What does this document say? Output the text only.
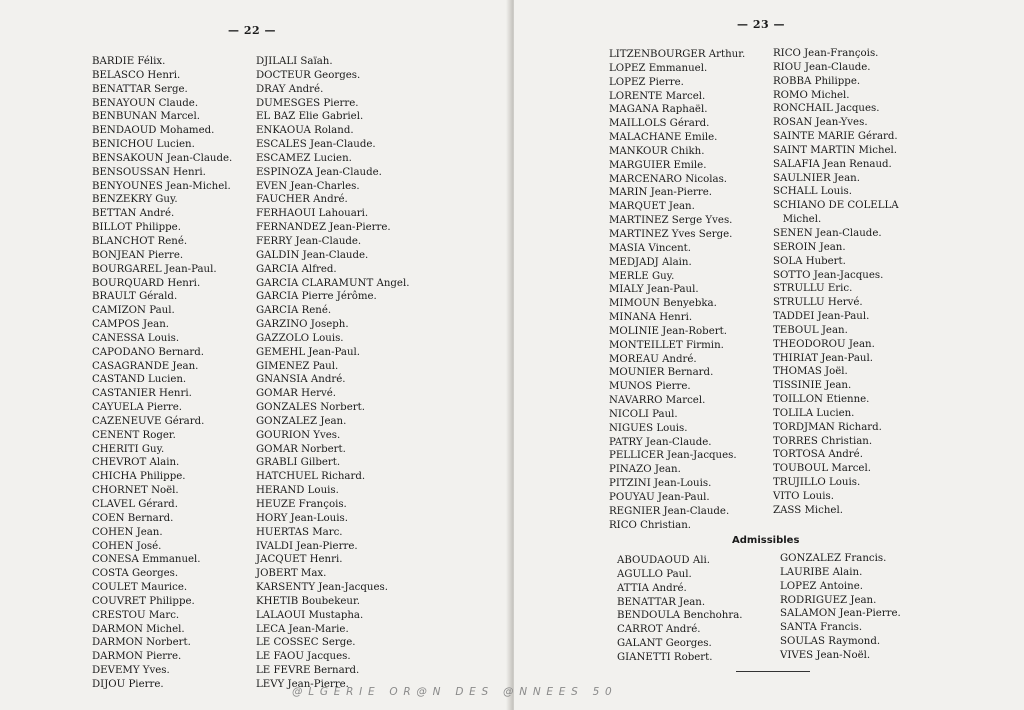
— 22 —
BARDIE Félix.
BELASCO Henri.
BENATTAR Serge.
BENAYOUN Claude.
BENBUNAN Marcel.
BENDAOUD Mohamed.
BENICHOU Lucien.
BENSAKOUN Jean-Claude.
BENSOUSSAN Henri.
BENYOUNES Jean-Michel.
BENZEKRY Guy.
BETTAN André.
BILLOT Philippe.
BLANCHOT René.
BONJEAN Pierre.
BOURGAREL Jean-Paul.
BOURQUARD Henri.
BRAULT Gérald.
CAMIZON Paul.
CAMPOS Jean.
CANESSA Louis.
CAPODANO Bernard.
CASAGRANDE Jean.
CASTAND Lucien.
CASTANIER Henri.
CAYUELA Pierre.
CAZENEUVE Gérard.
CENENT Roger.
CHERITI Guy.
CHEVROT Alain.
CHICHA Philippe.
CHORNET Noël.
CLAVEL Gérard.
COEN Bernard.
COHEN Jean.
COHEN José.
CONESA Emmanuel.
COSTA Georges.
COULET Maurice.
COUVRET Philippe.
CRESTOU Marc.
DARMON Michel.
DARMON Norbert.
DARMON Pierre.
DEVEMY Yves.
DIJOU Pierre.
DJILALI Saïah.
DOCTEUR Georges.
DRAY André.
DUMESGES Pierre.
EL BAZ Elie Gabriel.
ENKAOUA Roland.
ESCALES Jean-Claude.
ESCAMEZ Lucien.
ESPINOZA Jean-Claude.
EVEN Jean-Charles.
FAUCHER André.
FERHAOUI Lahouari.
FERNANDEZ Jean-Pierre.
FERRY Jean-Claude.
GALDIN Jean-Claude.
GARCIA Alfred.
GARCIA CLARAMUNT Angel.
GARCIA Pierre Jérôme.
GARCIA René.
GARZINO Joseph.
GAZZOLO Louis.
GEMEHL Jean-Paul.
GIMENEZ Paul.
GNANSIA André.
GOMAR Hervé.
GONZALES Norbert.
GONZALEZ Jean.
GOURION Yves.
GOMAR Norbert.
GRABLI Gilbert.
HATCHUEL Richard.
HERAND Louis.
HEUZE François.
HORY Jean-Louis.
HUERTAS Marc.
IVALDI Jean-Pierre.
JACQUET Henri.
JOBERT Max.
KARSENTY Jean-Jacques.
KHETIB Boubekeur.
LALAOUI Mustapha.
LECA Jean-Marie.
LE COSSEC Serge.
LE FAOU Jacques.
LE FEVRE Bernard.
LEVY Jean-Pierre.
— 23 —
LITZENBOURGER Arthur.
LOPEZ Emmanuel.
LOPEZ Pierre.
LORENTE Marcel.
MAGANA Raphaël.
MAILLOLS Gérard.
MALACHANE Emile.
MANKOUR Chikh.
MARGUIER Emile.
MARCENARO Nicolas.
MARIN Jean-Pierre.
MARQUET Jean.
MARTINEZ Serge Yves.
MARTINEZ Yves Serge.
MASIA Vincent.
MEDJADJ Alain.
MERLE Guy.
MIALY Jean-Paul.
MIMOUN Benyebka.
MINANA Henri.
MOLINIE Jean-Robert.
MONTEILLET Firmin.
MOREAU André.
MOUNIER Bernard.
MUNOS Pierre.
NAVARRO Marcel.
NICOLI Paul.
NIGUES Louis.
PATRY Jean-Claude.
PELLICER Jean-Jacques.
PINAZO Jean.
PITZINI Jean-Louis.
POUYAU Jean-Paul.
REGNIER Jean-Claude.
RICO Christian.
RICO Jean-François.
RIOU Jean-Claude.
ROBBA Philippe.
ROMO Michel.
RONCHAIL Jacques.
ROSAN Jean-Yves.
SAINTE MARIE Gérard.
SAINT MARTIN Michel.
SALAFIA Jean Renaud.
SAULNIER Jean.
SCHALL Louis.
SCHIANO DE COLELLA
Michel.
SENEN Jean-Claude.
SEROIN Jean.
SOLA Hubert.
SOTTO Jean-Jacques.
STRULLU Eric.
STRULLU Hervé.
TADDEI Jean-Paul.
TEBOUL Jean.
THEODOROU Jean.
THIRIAT Jean-Paul.
THOMAS Joël.
TISSINIE Jean.
TOILLON Etienne.
TOLILA Lucien.
TORDJMAN Richard.
TORRES Christian.
TORTOSA André.
TOUBOUL Marcel.
TRUJILLO Louis.
VITO Louis.
ZASS Michel.
Admissibles
ABOUDAOUD Ali.
AGULLO Paul.
ATTIA André.
BENATTAR Jean.
BENDOULA Benchohra.
CARROT André.
GALANT Georges.
GIANETTI Robert.
GONZALEZ Francis.
LAURIBE Alain.
LOPEZ Antoine.
RODRIGUEZ Jean.
SALAMON Jean-Pierre.
SANTA Francis.
SOULAS Raymond.
VIVES Jean-Noël.
@ L G E R I E   O R @ N   D E S   @ N N E E S   5 0
